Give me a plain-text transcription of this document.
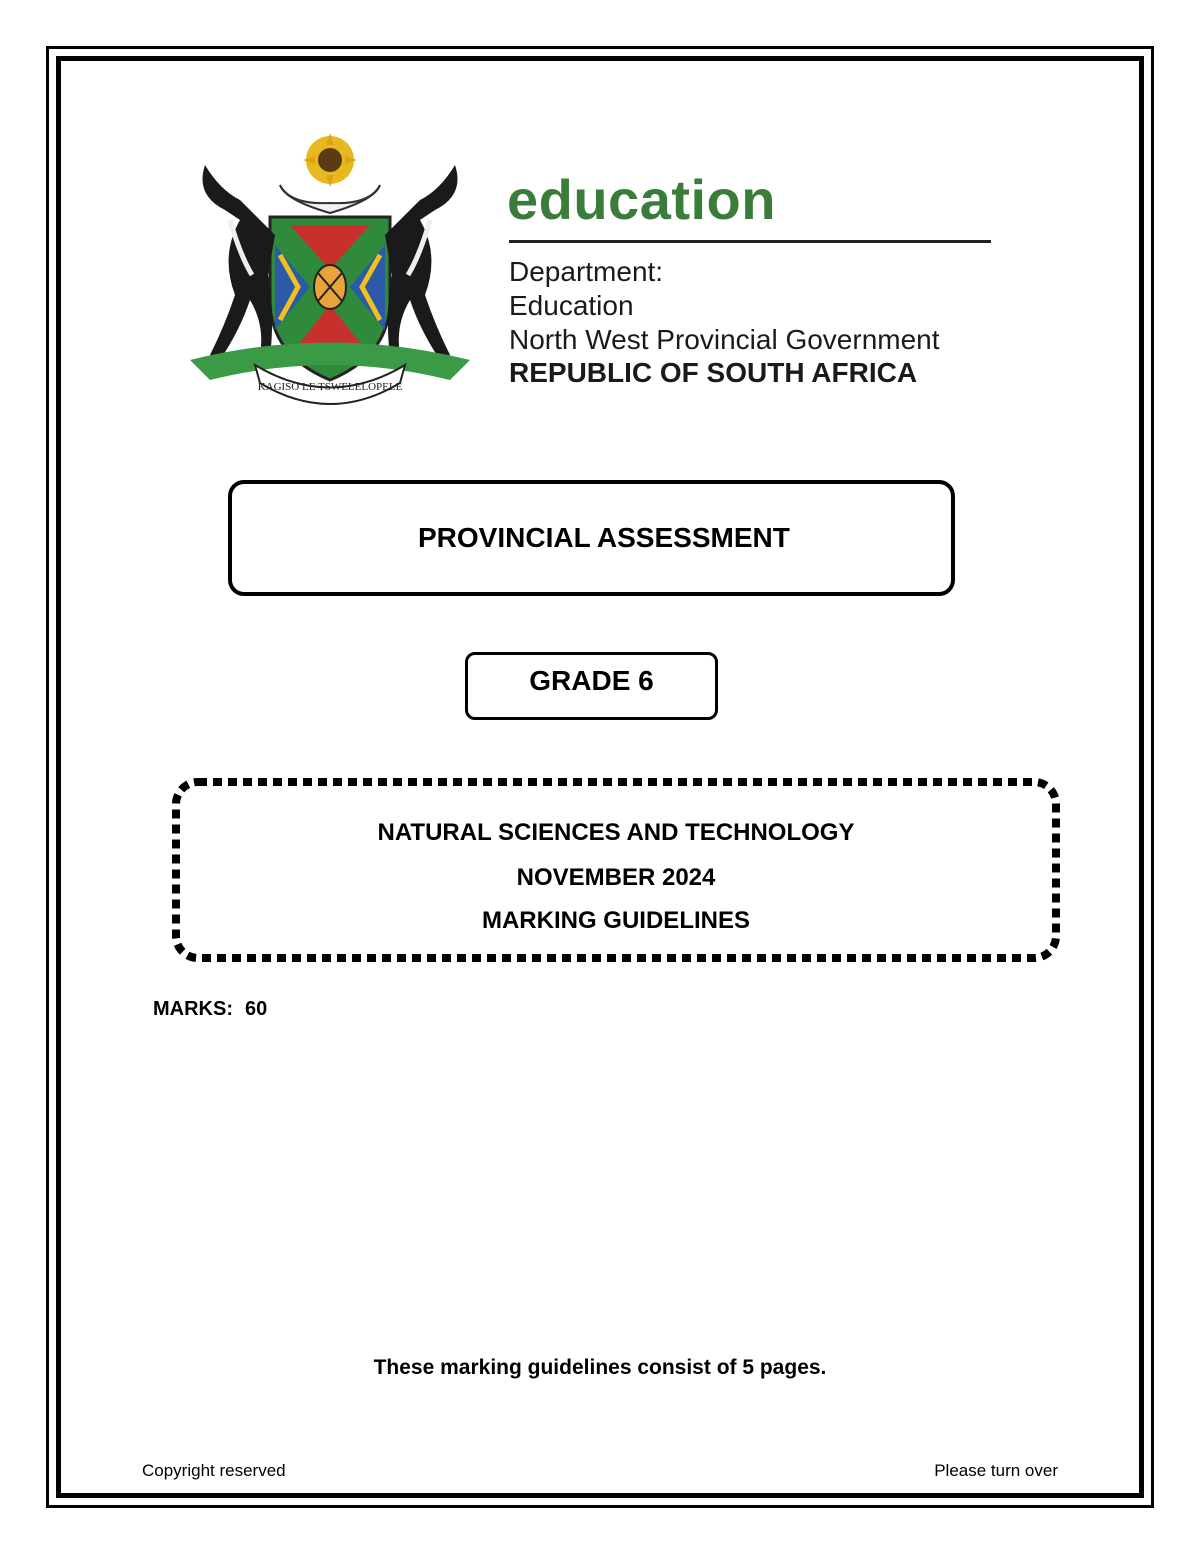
KAGISO LE TSWELELOPELE
education
Department:
Education
North West Provincial Government
REPUBLIC OF SOUTH AFRICA
PROVINCIAL ASSESSMENT
GRADE 6
NATURAL SCIENCES AND TECHNOLOGY
NOVEMBER 2024
MARKING GUIDELINES
MARKS: 60
These marking guidelines consist of 5 pages.
Copyright reserved	Please turn over
